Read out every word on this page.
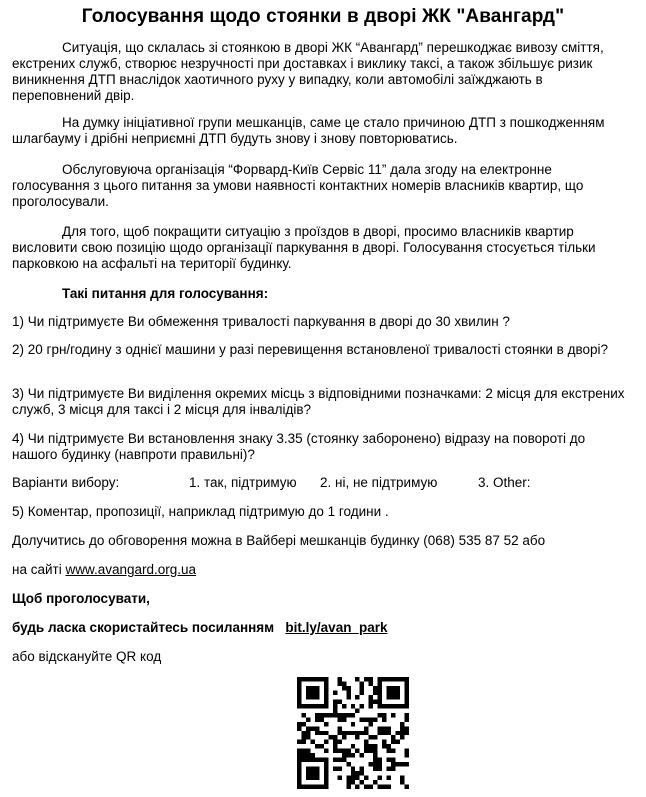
Голосування щодо стоянки в дворі ЖК "Авангард"
Ситуація, що склалась зі стоянкою в дворі ЖК “Авангард” перешкоджає вивозу сміття, екстрених служб, створює незручності при доставках і виклику таксі, а також збільшує ризик виникнення ДТП внаслідок хаотичного руху у випадку, коли автомобілі заїжджають в переповнений двір.
На думку ініціативної групи мешканців, саме це стало причиною ДТП з пошкодженням шлагбауму і дрібні неприємні ДТП будуть знову і знову повторюватись.
Обслуговуюча організація “Форвард-Київ Сервіс 11” дала згоду на електронне голосування з цього питання за умови наявності контактних номерів власників квартир, що проголосували.
Для того, щоб покращити ситуацію з проїздов в дворі, просимо власників квартир висловити свою позицію щодо організації паркування в дворі. Голосування стосується тільки парковкою на асфальті на території будинку.
Такі питання для голосування:
1) Чи підтримуєте Ви обмеження тривалості паркування в дворі до 30 хвилин ?
2) 20 грн/годину з однієї машини у разі перевищення встановленої тривалості стоянки в дворі?
3) Чи підтримуєте Ви виділення окремих місць з відповідними позначками: 2 місця для екстрених служб, 3 місця для таксі і 2 місця для інвалідів?
4) Чи підтримуєте Ви встановлення знаку 3.35 (стоянку заборонено) відразу на повороті до нашого будинку (навпроти правильні)?
Варіанти вибору:	1. так, підтримую 2. ні, не підтримую	3. Other:
5) Коментар, пропозиції, наприклад підтримую до 1 години .
Долучитись до обговорення можна в Вайбері мешканців будинку (068) 535 87 52 або
на сайті www.avangard.org.ua
Щоб проголосувати,
будь ласка скористайтесь посиланням bit.ly/avan_park
або відскануйте QR код
